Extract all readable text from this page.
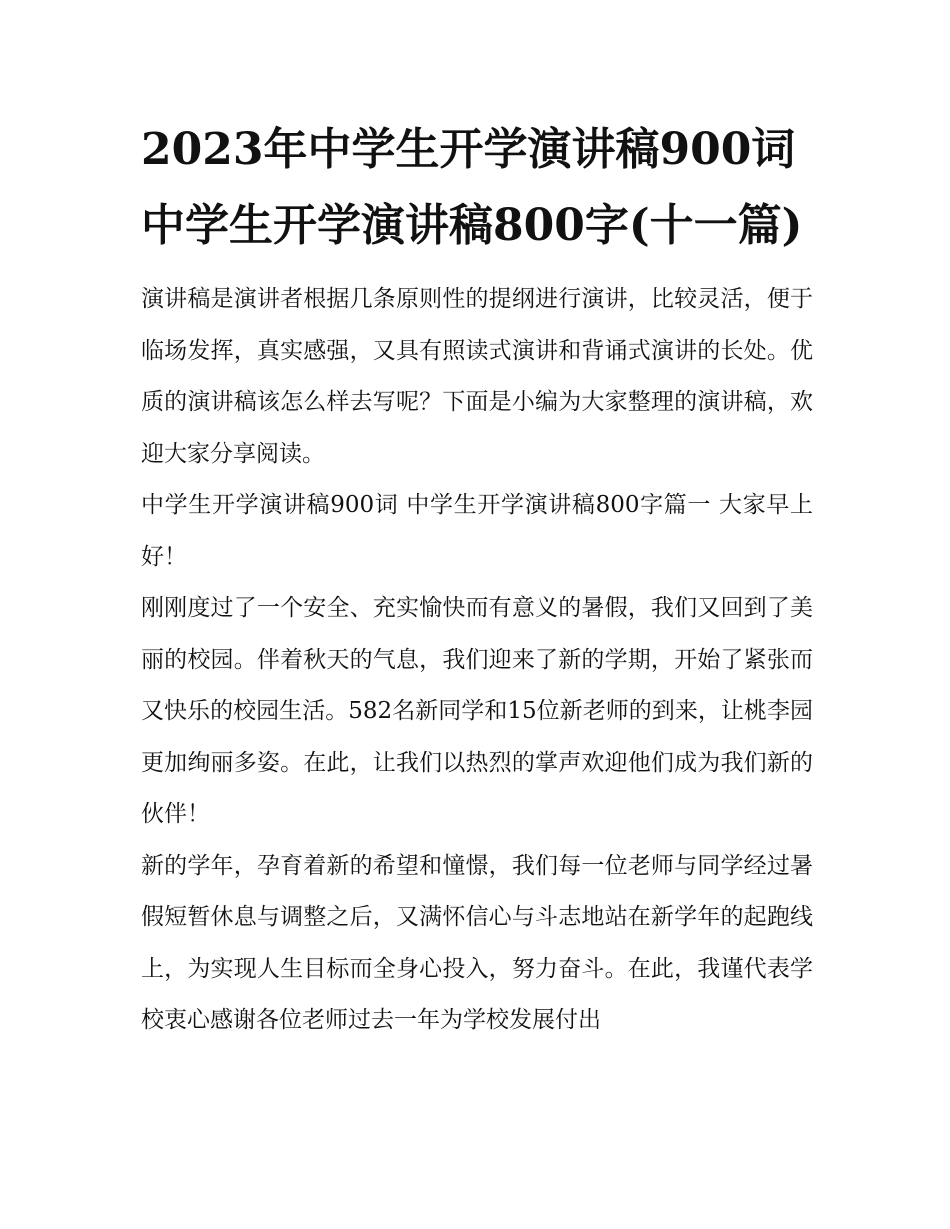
2023年中学生开学演讲稿900词 中学生开学演讲稿800字(十一篇)

演讲稿是演讲者根据几条原则性的提纲进行演讲，比较灵活，便于临场发挥，真实感强，又具有照读式演讲和背诵式演讲的长处。优质的演讲稿该怎么样去写呢？下面是小编为大家整理的演讲稿，欢迎大家分享阅读。

中学生开学演讲稿900词 中学生开学演讲稿800字篇一 大家早上好！

刚刚度过了一个安全、充实愉快而有意义的暑假，我们又回到了美丽的校园。伴着秋天的气息，我们迎来了新的学期，开始了紧张而又快乐的校园生活。582名新同学和15位新老师的到来，让桃李园更加绚丽多姿。在此，让我们以热烈的掌声欢迎他们成为我们新的伙伴！

新的学年，孕育着新的希望和憧憬，我们每一位老师与同学经过暑假短暂休息与调整之后，又满怀信心与斗志地站在新学年的起跑线上，为实现人生目标而全身心投入，努力奋斗。在此，我谨代表学校衷心感谢各位老师过去一年为学校发展付出
